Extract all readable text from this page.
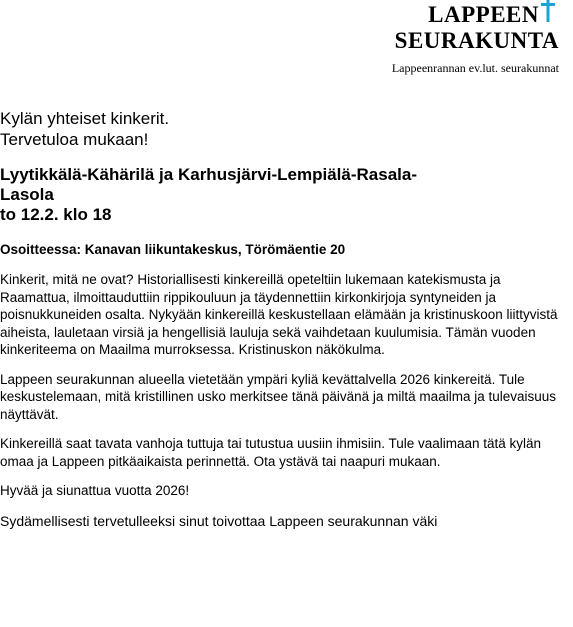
LAPPEEN
SEURAKUNTA
Lappeenrannan ev.lut. seurakunnat

Kylän yhteiset kinkerit.

Tervetuloa mukaan!

Lyytikkälä-Kähärilä ja Karhusjärvi-Lempiälä-Rasala-
Lasola
to 12.2. klo 18

Osoitteessa: Kanavan liikuntakeskus, Törömäentie 20

Kinkerit, mitä ne ovat? Historiallisesti kinkereillä opeteltiin lukemaan katekismusta ja Raamattua, ilmoittauduttiin rippikouluun ja täydennettiin kirkonkirjoja syntyneiden ja poisnukkuneiden osalta. Nykyään kinkereillä keskustellaan elämään ja kristinuskoon liittyvistä aiheista, lauletaan virsiä ja hengellisiä lauluja sekä vaihdetaan kuulumisia. Tämän vuoden kinkeriteema on Maailma murroksessa. Kristinuskon näkökulma.

Lappeen seurakunnan alueella vietetään ympäri kyliä kevättalvella 2026 kinkereitä. Tule keskustelemaan, mitä kristillinen usko merkitsee tänä päivänä ja miltä maailma ja tulevaisuus näyttävät.

Kinkereillä saat tavata vanhoja tuttuja tai tutustua uusiin ihmisiin. Tule vaalimaan tätä kylän omaa ja Lappeen pitkäaikaista perinnettä. Ota ystävä tai naapuri mukaan.

Hyvää ja siunattua vuotta 2026!

Sydämellisesti tervetulleeksi sinut toivottaa Lappeen seurakunnan väki
